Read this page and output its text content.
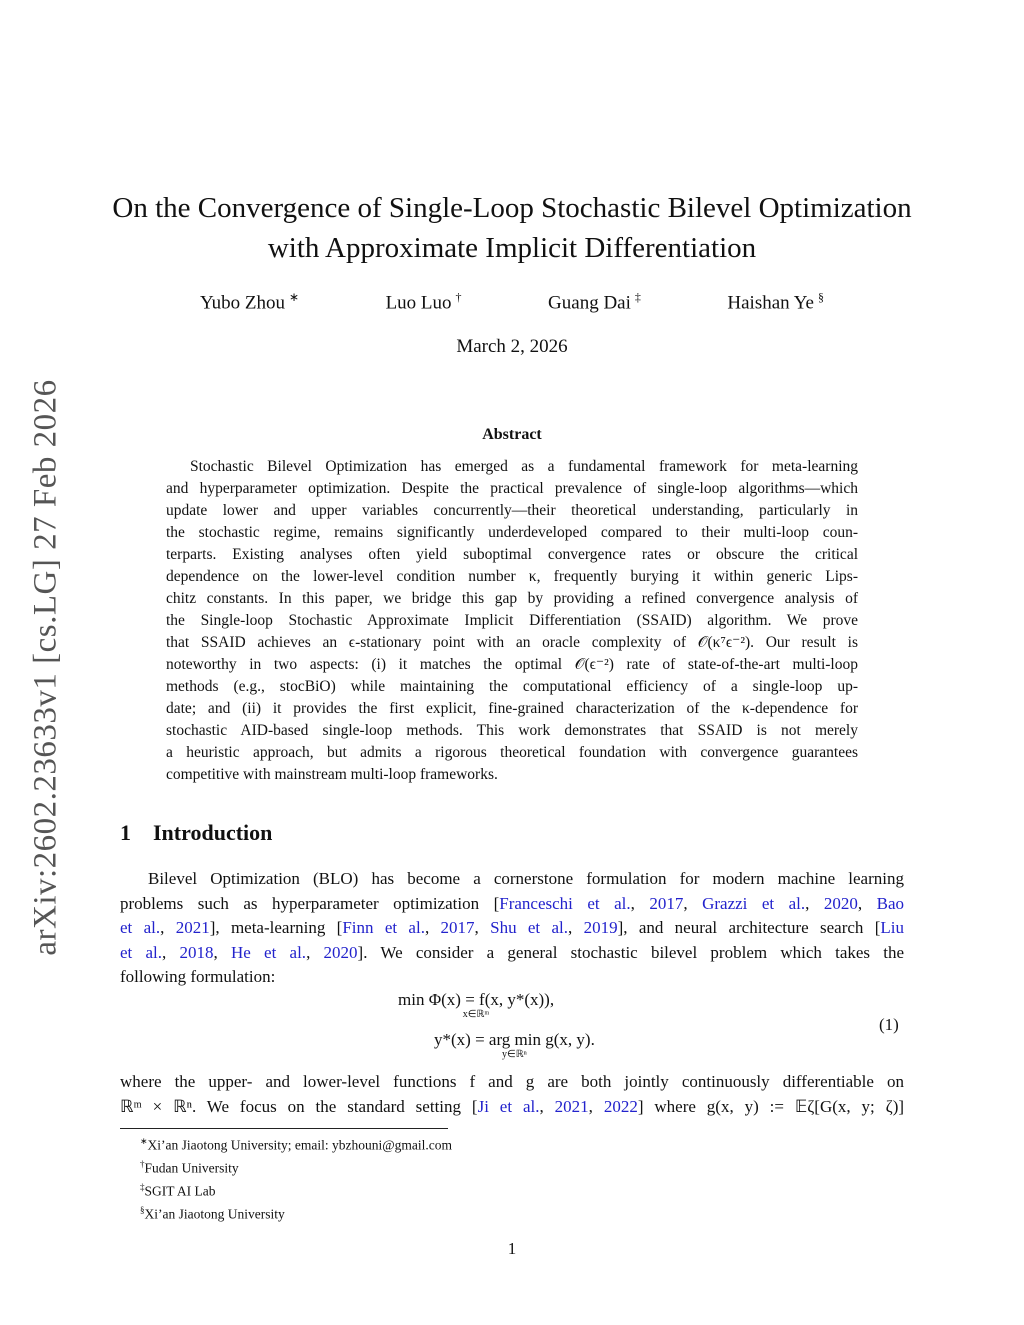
arXiv:2602.23633v1 [cs.LG] 27 Feb 2026
On the Convergence of Single-Loop Stochastic Bilevel Optimization
with Approximate Implicit Differentiation
Yubo Zhou ∗	Luo Luo †	Guang Dai ‡	Haishan Ye §
March 2, 2026
Abstract
Stochastic Bilevel Optimization has emerged as a fundamental framework for meta-learning
and hyperparameter optimization. Despite the practical prevalence of single-loop algorithms—which
update lower and upper variables concurrently—their theoretical understanding, particularly in
the stochastic regime, remains significantly underdeveloped compared to their multi-loop coun-
terparts. Existing analyses often yield suboptimal convergence rates or obscure the critical
dependence on the lower-level condition number κ, frequently burying it within generic Lips-
chitz constants. In this paper, we bridge this gap by providing a refined convergence analysis of
the Single-loop Stochastic Approximate Implicit Differentiation (SSAID) algorithm. We prove
that SSAID achieves an ϵ-stationary point with an oracle complexity of 𝒪(κ⁷ϵ⁻²). Our result is
noteworthy in two aspects: (i) it matches the optimal 𝒪(ϵ⁻²) rate of state-of-the-art multi-loop
methods (e.g., stocBiO) while maintaining the computational efficiency of a single-loop up-
date; and (ii) it provides the first explicit, fine-grained characterization of the κ-dependence for
stochastic AID-based single-loop methods. This work demonstrates that SSAID is not merely
a heuristic approach, but admits a rigorous theoretical foundation with convergence guarantees
competitive with mainstream multi-loop frameworks.
1 Introduction
Bilevel Optimization (BLO) has become a cornerstone formulation for modern machine learning
problems such as hyperparameter optimization [Franceschi et al., 2017, Grazzi et al., 2020, Bao
et al., 2021], meta-learning [Finn et al., 2017, Shu et al., 2019], and neural architecture search [Liu
et al., 2018, He et al., 2020]. We consider a general stochastic bilevel problem which takes the
following formulation:
min Φ(x) = f(x, y*(x)),
x∈ℝᵐ
y*(x) = arg min g(x, y).
y∈ℝⁿ
(1)
where the upper- and lower-level functions f and g are both jointly continuously differentiable on
ℝᵐ × ℝⁿ. We focus on the standard setting [Ji et al., 2021, 2022] where g(x, y) := 𝔼ζ[G(x, y; ζ)]
∗Xi’an Jiaotong University; email: ybzhouni@gmail.com
†Fudan University
‡SGIT AI Lab
§Xi’an Jiaotong University
1
